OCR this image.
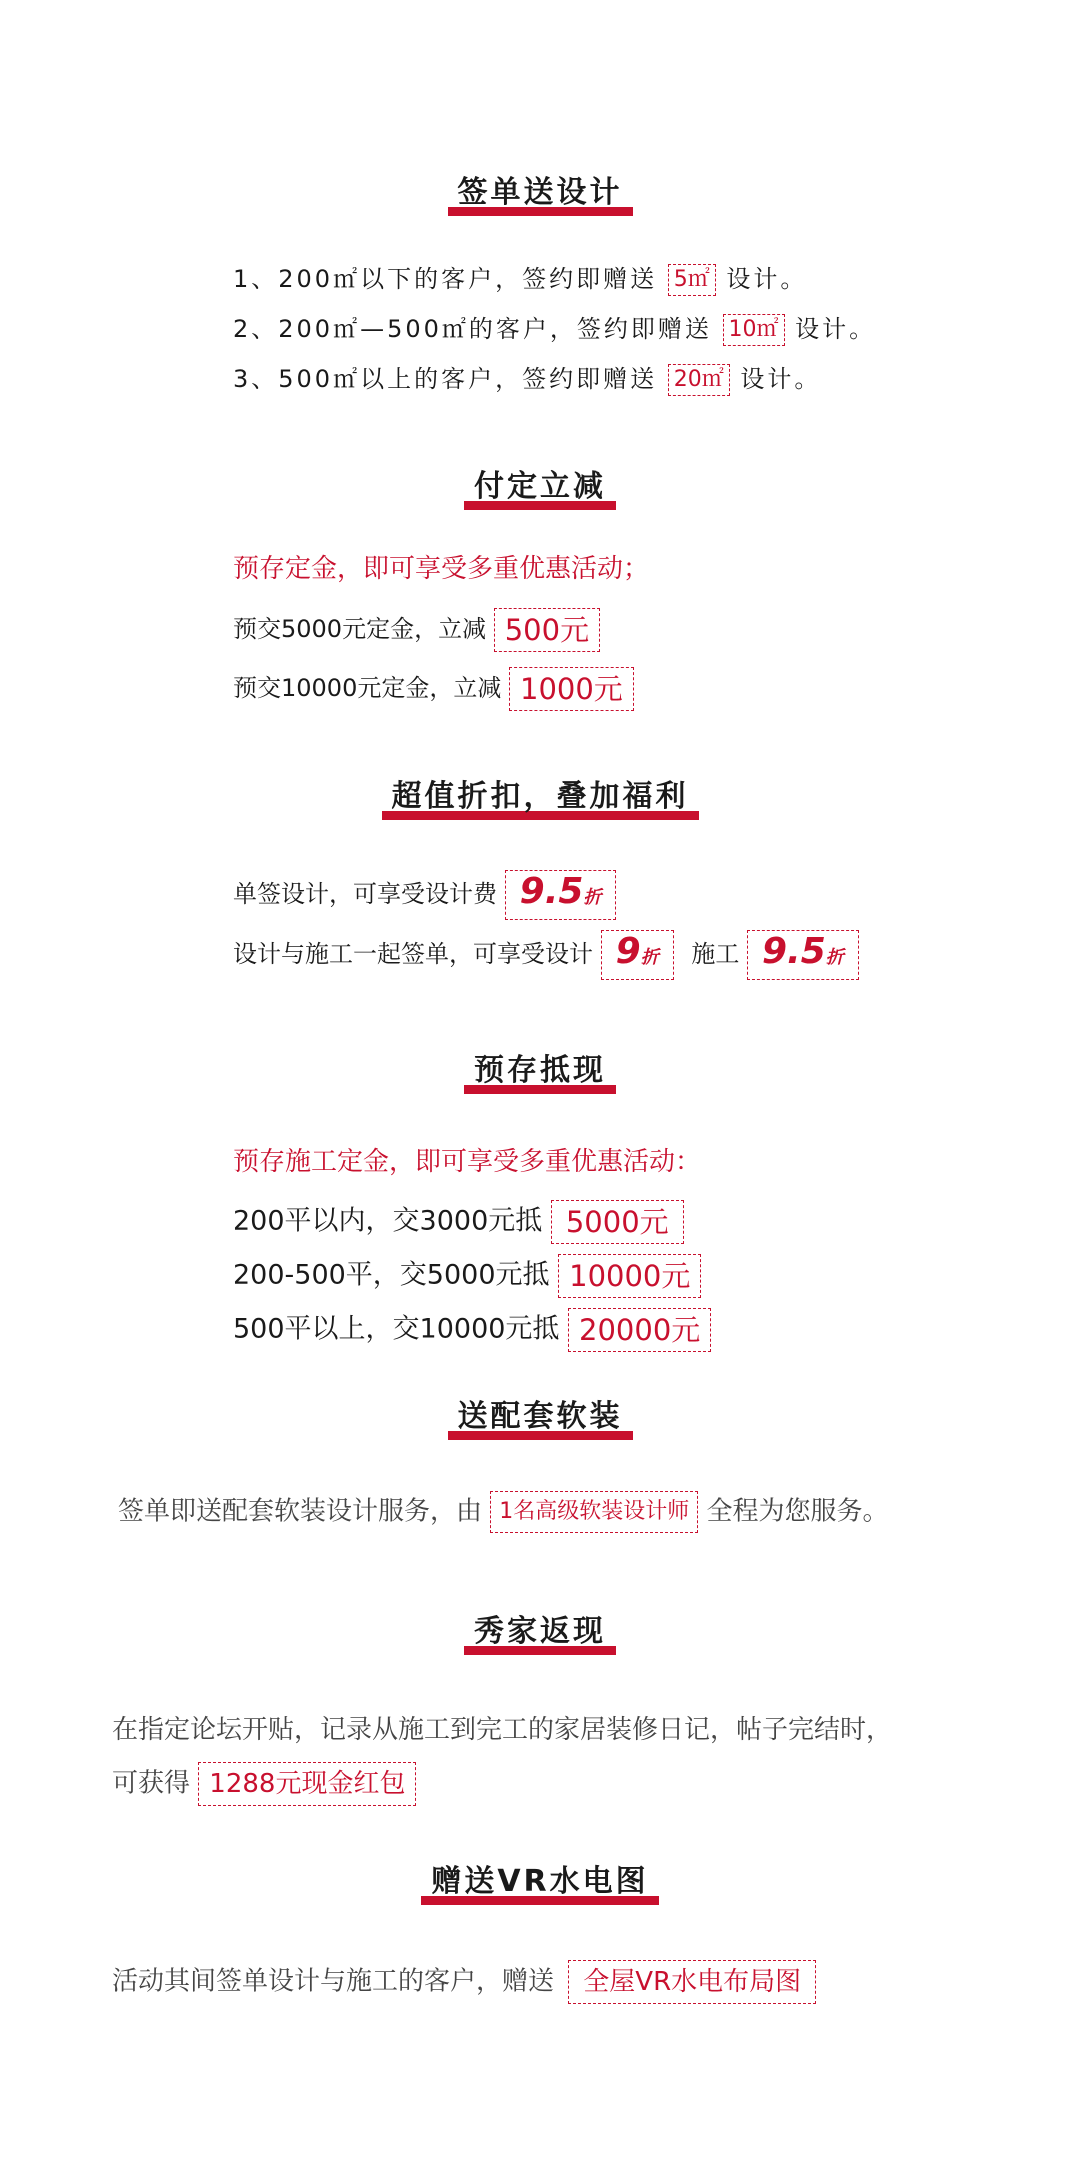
签单送设计
1、200㎡以下的客户，签约即赠送 5㎡ 设计。
2、200㎡—500㎡的客户，签约即赠送 10㎡ 设计。
3、500㎡以上的客户，签约即赠送 20㎡ 设计。
付定立减
预存定金，即可享受多重优惠活动；
预交5000元定金，立减 500元
预交10000元定金，立减 1000元
超值折扣，叠加福利
单签设计，可享受设计费 9.5折
设计与施工一起签单，可享受设计 9折 施工 9.5折
预存抵现
预存施工定金，即可享受多重优惠活动：
200平以内，交3000元抵 5000元
200-500平，交5000元抵 10000元
500平以上，交10000元抵 20000元
送配套软装
签单即送配套软装设计服务，由 1名高级软装设计师 全程为您服务。
秀家返现
在指定论坛开贴，记录从施工到完工的家居装修日记，帖子完结时，
可获得 1288元现金红包
赠送VR水电图
活动其间签单设计与施工的客户，赠送 全屋VR水电布局图
